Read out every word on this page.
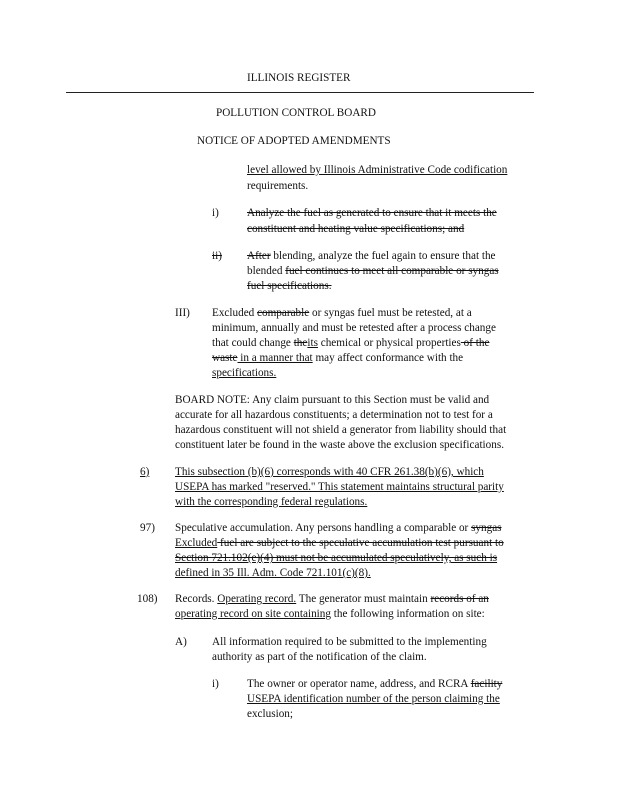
ILLINOIS REGISTER
POLLUTION CONTROL BOARD
NOTICE OF ADOPTED AMENDMENTS
level allowed by Illinois Administrative Code codification
requirements.
i)	Analyze the fuel as generated to ensure that it meets the
constituent and heating value specifications; and
ii)	After blending, analyze the fuel again to ensure that the
blended fuel continues to meet all comparable or syngas
fuel specifications.
III) Excluded comparable or syngas fuel must be retested, at a
minimum, annually and must be retested after a process change
that could change theits chemical or physical properties of the
waste in a manner that may affect conformance with the
specifications.
BOARD NOTE: Any claim pursuant to this Section must be valid and
accurate for all hazardous constituents; a determination not to test for a
hazardous constituent will not shield a generator from liability should that
constituent later be found in the waste above the exclusion specifications.
6)	This subsection (b)(6) corresponds with 40 CFR 261.38(b)(6), which
USEPA has marked "reserved." This statement maintains structural parity
with the corresponding federal regulations.
97) Speculative accumulation. Any persons handling a comparable or syngas
Excluded fuel are subject to the speculative accumulation test pursuant to
Section 721.102(e)(4) must not be accumulated speculatively, as such is
defined in 35 Ill. Adm. Code 721.101(c)(8).
108) Records. Operating record. The generator must maintain records of an
operating record on site containing the following information on site:
A) All information required to be submitted to the implementing
authority as part of the notification of the claim.
i)	The owner or operator name, address, and RCRA facility
USEPA identification number of the person claiming the
exclusion;
